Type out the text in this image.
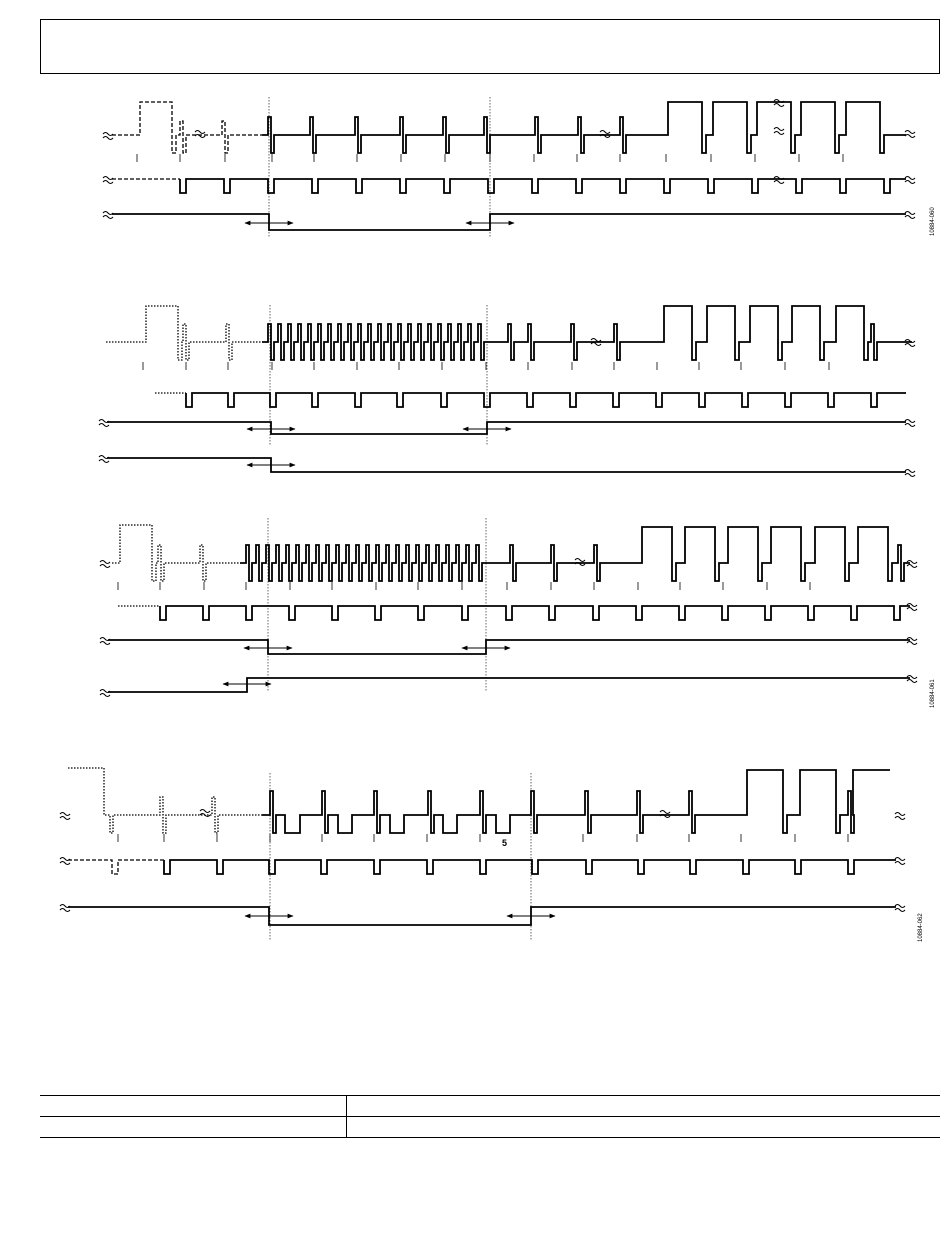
10884-060
10884-061
10884-062
5
